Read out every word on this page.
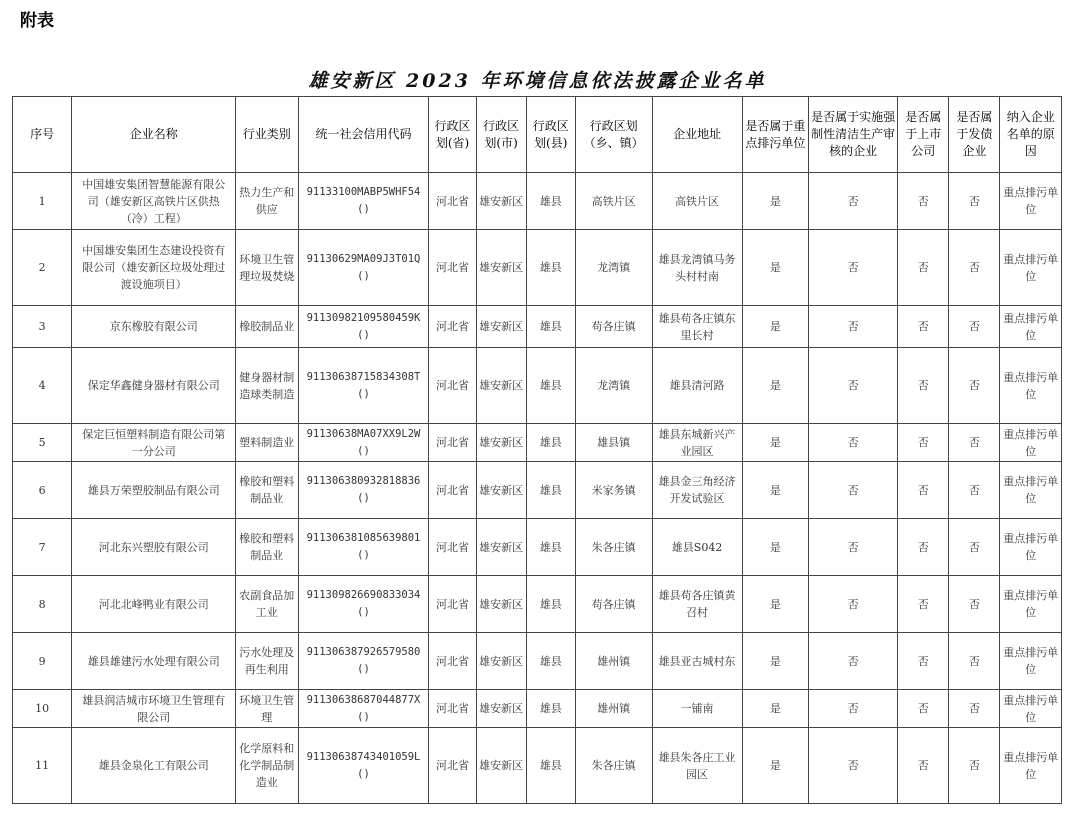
附表
雄安新区 2023 年环境信息依法披露企业名单
序号	企业名称	行业类别	统一社会信用代码	行政区划(省)	行政区划(市)	行政区划(县)	行政区划（乡、镇）	企业地址	是否属于重点排污单位	是否属于实施强制性清洁生产审核的企业	是否属于上市公司	是否属于发债企业	纳入企业名单的原因
1	中国雄安集团智慧能源有限公司（雄安新区高铁片区供热（冷）工程）	热力生产和供应	91133100MABP5WHF54()	河北省	雄安新区	雄县	高铁片区	高铁片区	是	否	否	否	重点排污单位
2	中国雄安集团生态建设投资有限公司（雄安新区垃圾处理过渡设施项目）	环境卫生管理垃圾焚烧	91130629MA09J3T01Q()	河北省	雄安新区	雄县	龙湾镇	雄县龙湾镇马务头村村南	是	否	否	否	重点排污单位
3	京东橡胶有限公司	橡胶制品业	91130982109580459K()	河北省	雄安新区	雄县	苟各庄镇	雄县苟各庄镇东里长村	是	否	否	否	重点排污单位
4	保定华鑫健身器材有限公司	健身器材制造球类制造	91130638715834308T()	河北省	雄安新区	雄县	龙湾镇	雄县清河路	是	否	否	否	重点排污单位
5	保定巨恒塑料制造有限公司第一分公司	塑料制造业	91130638MA07XX9L2W()	河北省	雄安新区	雄县	雄县镇	雄县东城新兴产业园区	是	否	否	否	重点排污单位
6	雄县万荣塑胶制品有限公司	橡胶和塑料制品业	911306380932818836()	河北省	雄安新区	雄县	米家务镇	雄县金三角经济开发试验区	是	否	否	否	重点排污单位
7	河北东兴塑胶有限公司	橡胶和塑料制品业	911306381085639801()	河北省	雄安新区	雄县	朱各庄镇	雄县S042	是	否	否	否	重点排污单位
8	河北北峰鸭业有限公司	农副食品加工业	911309826690833034()	河北省	雄安新区	雄县	苟各庄镇	雄县苟各庄镇黄召村	是	否	否	否	重点排污单位
9	雄县雄建污水处理有限公司	污水处理及再生利用	911306387926579580()	河北省	雄安新区	雄县	雄州镇	雄县亚古城村东	是	否	否	否	重点排污单位
10	雄县润洁城市环境卫生管理有限公司	环境卫生管理	91130638687044877X()	河北省	雄安新区	雄县	雄州镇	一铺南	是	否	否	否	重点排污单位
11	雄县金泉化工有限公司	化学原料和化学制品制造业	91130638743401059L()	河北省	雄安新区	雄县	朱各庄镇	雄县朱各庄工业园区	是	否	否	否	重点排污单位
